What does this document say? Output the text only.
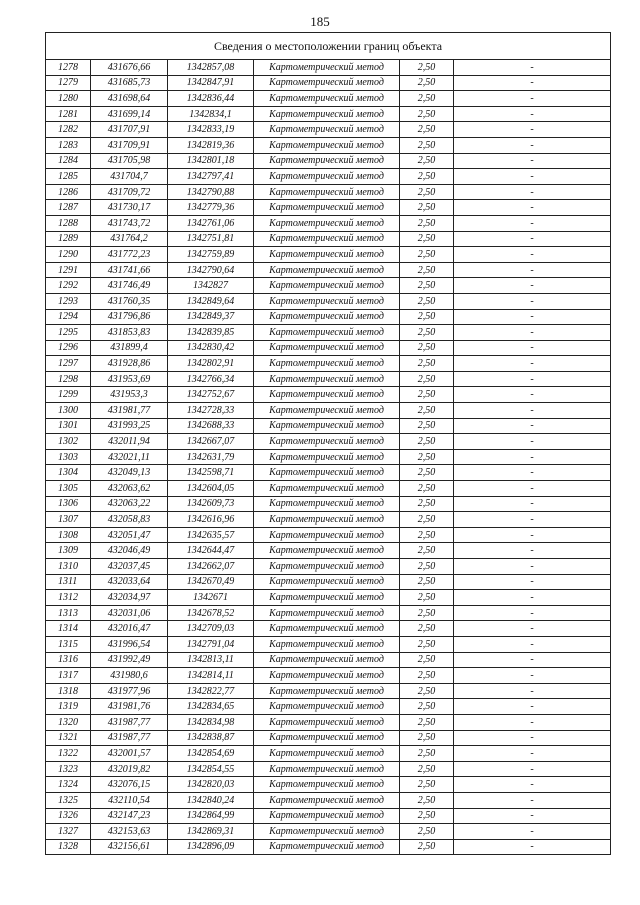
185
Сведения о местоположении границ объекта					
1278	431676,66	1342857,08	Картометрический метод	2,50	-
1279	431685,73	1342847,91	Картометрический метод	2,50	-
1280	431698,64	1342836,44	Картометрический метод	2,50	-
1281	431699,14	1342834,1	Картометрический метод	2,50	-
1282	431707,91	1342833,19	Картометрический метод	2,50	-
1283	431709,91	1342819,36	Картометрический метод	2,50	-
1284	431705,98	1342801,18	Картометрический метод	2,50	-
1285	431704,7	1342797,41	Картометрический метод	2,50	-
1286	431709,72	1342790,88	Картометрический метод	2,50	-
1287	431730,17	1342779,36	Картометрический метод	2,50	-
1288	431743,72	1342761,06	Картометрический метод	2,50	-
1289	431764,2	1342751,81	Картометрический метод	2,50	-
1290	431772,23	1342759,89	Картометрический метод	2,50	-
1291	431741,66	1342790,64	Картометрический метод	2,50	-
1292	431746,49	1342827	Картометрический метод	2,50	-
1293	431760,35	1342849,64	Картометрический метод	2,50	-
1294	431796,86	1342849,37	Картометрический метод	2,50	-
1295	431853,83	1342839,85	Картометрический метод	2,50	-
1296	431899,4	1342830,42	Картометрический метод	2,50	-
1297	431928,86	1342802,91	Картометрический метод	2,50	-
1298	431953,69	1342766,34	Картометрический метод	2,50	-
1299	431953,3	1342752,67	Картометрический метод	2,50	-
1300	431981,77	1342728,33	Картометрический метод	2,50	-
1301	431993,25	1342688,33	Картометрический метод	2,50	-
1302	432011,94	1342667,07	Картометрический метод	2,50	-
1303	432021,11	1342631,79	Картометрический метод	2,50	-
1304	432049,13	1342598,71	Картометрический метод	2,50	-
1305	432063,62	1342604,05	Картометрический метод	2,50	-
1306	432063,22	1342609,73	Картометрический метод	2,50	-
1307	432058,83	1342616,96	Картометрический метод	2,50	-
1308	432051,47	1342635,57	Картометрический метод	2,50	-
1309	432046,49	1342644,47	Картометрический метод	2,50	-
1310	432037,45	1342662,07	Картометрический метод	2,50	-
1311	432033,64	1342670,49	Картометрический метод	2,50	-
1312	432034,97	1342671	Картометрический метод	2,50	-
1313	432031,06	1342678,52	Картометрический метод	2,50	-
1314	432016,47	1342709,03	Картометрический метод	2,50	-
1315	431996,54	1342791,04	Картометрический метод	2,50	-
1316	431992,49	1342813,11	Картометрический метод	2,50	-
1317	431980,6	1342814,11	Картометрический метод	2,50	-
1318	431977,96	1342822,77	Картометрический метод	2,50	-
1319	431981,76	1342834,65	Картометрический метод	2,50	-
1320	431987,77	1342834,98	Картометрический метод	2,50	-
1321	431987,77	1342838,87	Картометрический метод	2,50	-
1322	432001,57	1342854,69	Картометрический метод	2,50	-
1323	432019,82	1342854,55	Картометрический метод	2,50	-
1324	432076,15	1342820,03	Картометрический метод	2,50	-
1325	432110,54	1342840,24	Картометрический метод	2,50	-
1326	432147,23	1342864,99	Картометрический метод	2,50	-
1327	432153,63	1342869,31	Картометрический метод	2,50	-
1328	432156,61	1342896,09	Картометрический метод	2,50	-
